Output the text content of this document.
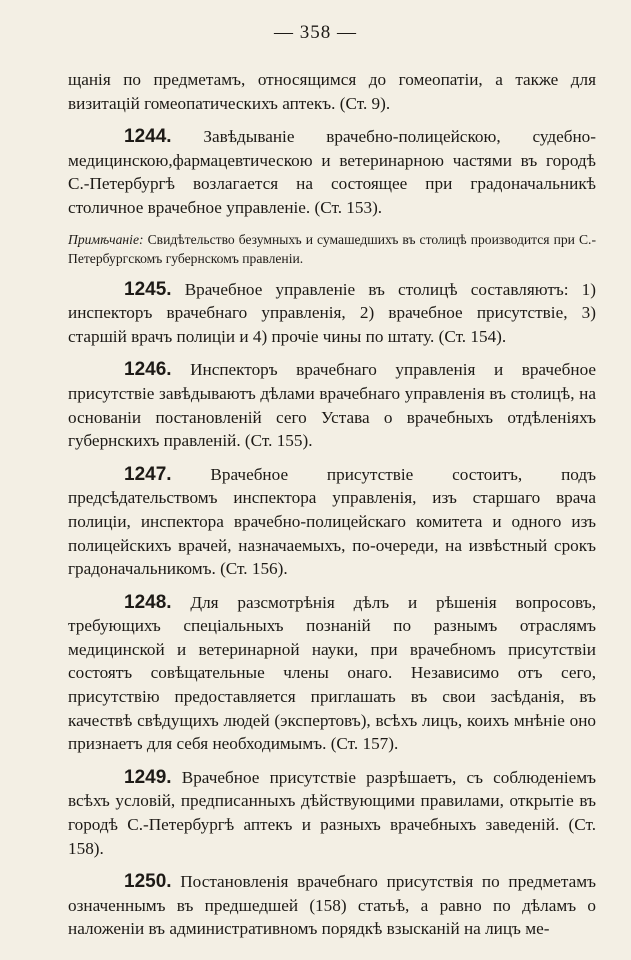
— 358 —
щанія по предметамъ, относящимся до гомеопатіи, а также для визитацій гомеопатическихъ аптекъ. (Ст. 9).
1244. Завѣдываніе врачебно-полицейскою, судебно-медицинскою,фармацевтическою и ветеринарною частями въ городѣ С.-Петербургѣ возлагается на состоящее при градоначальникѣ столичное врачебное управленіе. (Ст. 153).
Примѣчаніе: Свидѣтельство безумныхъ и сумашедшихъ въ столицѣ производится при С.-Петербургскомъ губернскомъ правленіи.
1245. Врачебное управленіе въ столицѣ составляютъ: 1) инспекторъ врачебнаго управленія, 2) врачебное присутствіе, 3) старшій врачъ полиціи и 4) прочіе чины по штату. (Ст. 154).
1246. Инспекторъ врачебнаго управленія и врачебное присутствіе завѣдываютъ дѣлами врачебнаго управленія въ столицѣ, на основаніи постановленій сего Устава о врачебныхъ отдѣленіяхъ губернскихъ правленій. (Ст. 155).
1247. Врачебное присутствіе состоитъ, подъ предсѣдательствомъ инспектора управленія, изъ старшаго врача полиціи, инспектора врачебно-полицейскаго комитета и одного изъ полицейскихъ врачей, назначаемыхъ, по-очереди, на извѣстный срокъ градоначальникомъ. (Ст. 156).
1248. Для разсмотрѣнія дѣлъ и рѣшенія вопросовъ, требующихъ спеціальныхъ познаній по разнымъ отраслямъ медицинской и ветеринарной науки, при врачебномъ присутствіи состоятъ совѣщательные члены онаго. Независимо отъ сего, присутствію предоставляется приглашать въ свои засѣданія, въ качествѣ свѣдущихъ людей (экспертовъ), всѣхъ лицъ, коихъ мнѣніе оно признаетъ для себя необходимымъ. (Ст. 157).
1249. Врачебное присутствіе разрѣшаетъ, съ соблюденіемъ всѣхъ условій, предписанныхъ дѣйствующими правилами, открытіе въ городѣ С.-Петербургѣ аптекъ и разныхъ врачебныхъ заведеній. (Ст. 158).
1250. Постановленія врачебнаго присутствія по предметамъ означеннымъ въ предшедшей (158) статьѣ, а равно по дѣламъ о наложеніи въ административномъ порядкѣ взысканій на лицъ ме-
